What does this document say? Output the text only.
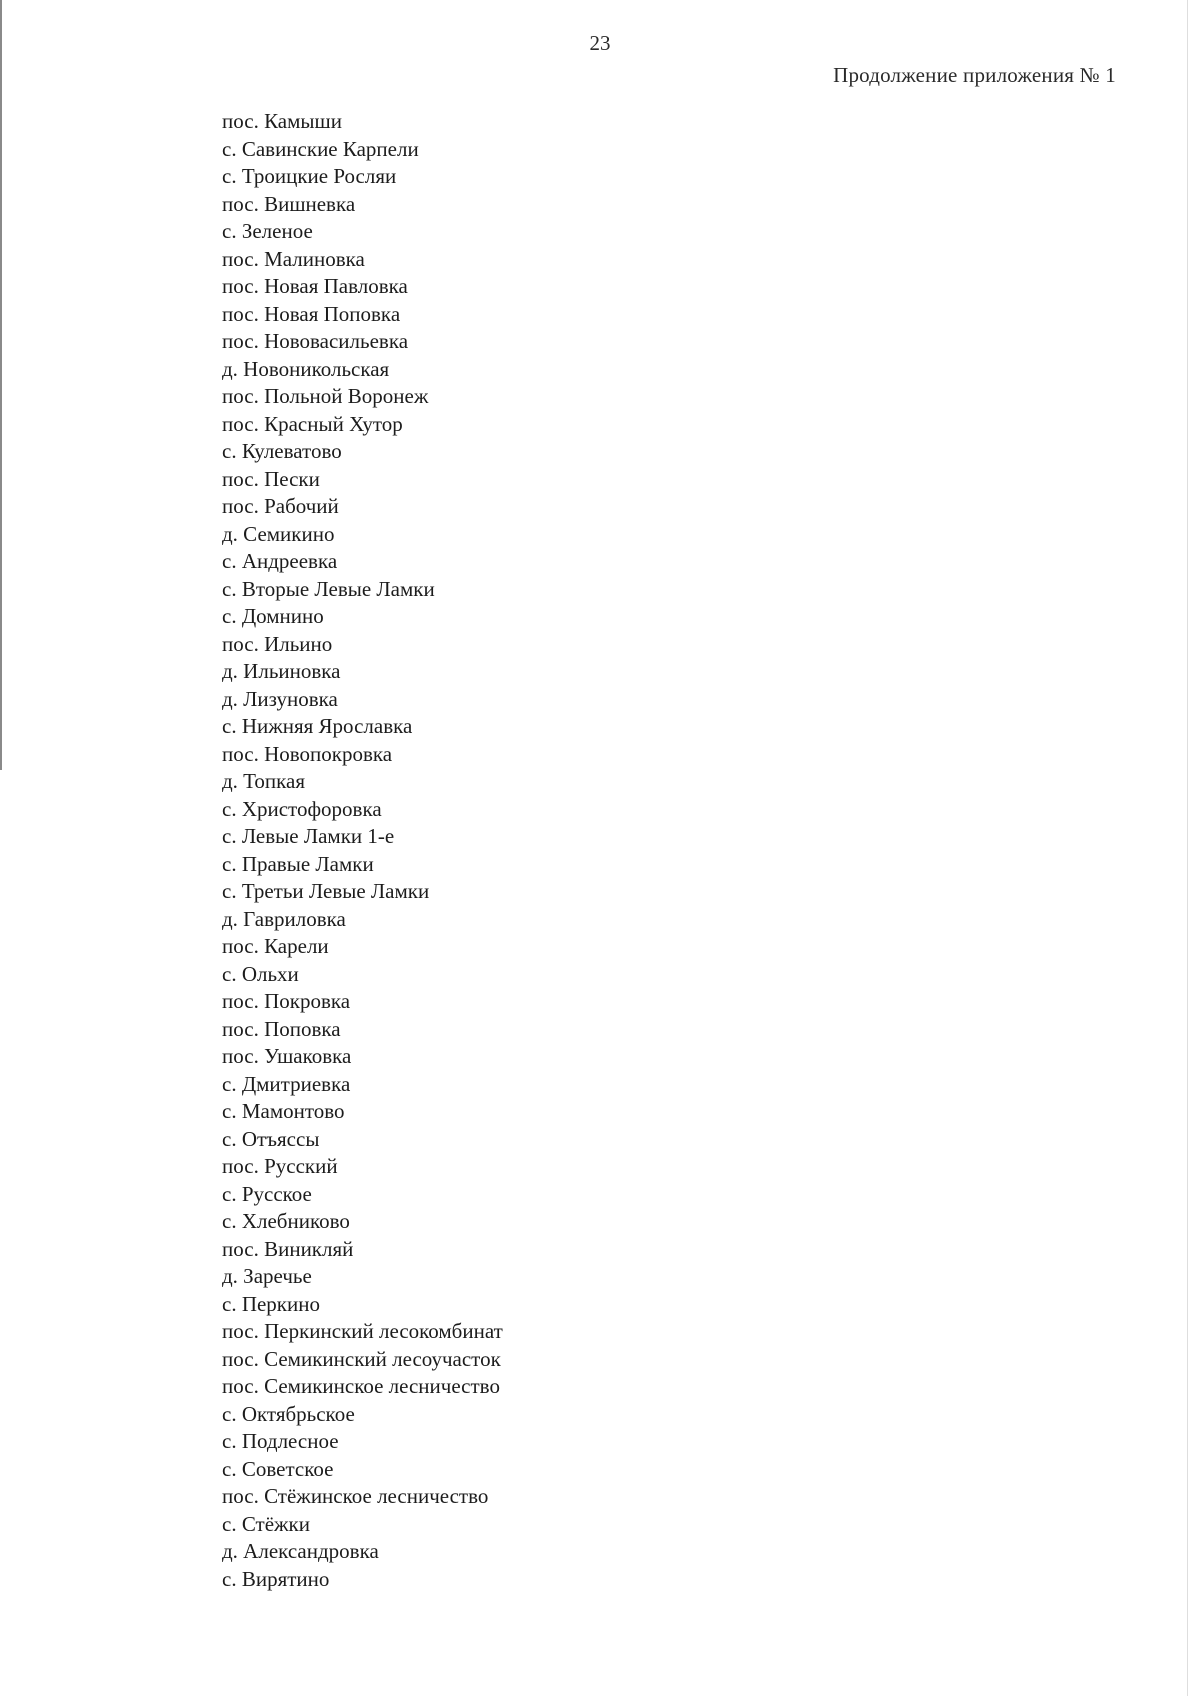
23
Продолжение приложения № 1
пос. Камыши
с. Савинские Карпели
с. Троицкие Росляи
пос. Вишневка
с. Зеленое
пос. Малиновка
пос. Новая Павловка
пос. Новая Поповка
пос. Нововасильевка
д. Новоникольская
пос. Польной Воронеж
пос. Красный Хутор
с. Кулеватово
пос. Пески
пос. Рабочий
д. Семикино
с. Андреевка
с. Вторые Левые Ламки
с. Домнино
пос. Ильино
д. Ильиновка
д. Лизуновка
с. Нижняя Ярославка
пос. Новопокровка
д. Топкая
с. Христофоровка
с. Левые Ламки 1-е
с. Правые Ламки
с. Третьи Левые Ламки
д. Гавриловка
пос. Карели
с. Ольхи
пос. Покровка
пос. Поповка
пос. Ушаковка
с. Дмитриевка
с. Мамонтово
с. Отъяссы
пос. Русский
с. Русское
с. Хлебниково
пос. Виникляй
д. Заречье
с. Перкино
пос. Перкинский лесокомбинат
пос. Семикинский лесоучасток
пос. Семикинское лесничество
с. Октябрьское
с. Подлесное
с. Советское
пос. Стёжинское лесничество
с. Стёжки
д. Александровка
с. Вирятино
